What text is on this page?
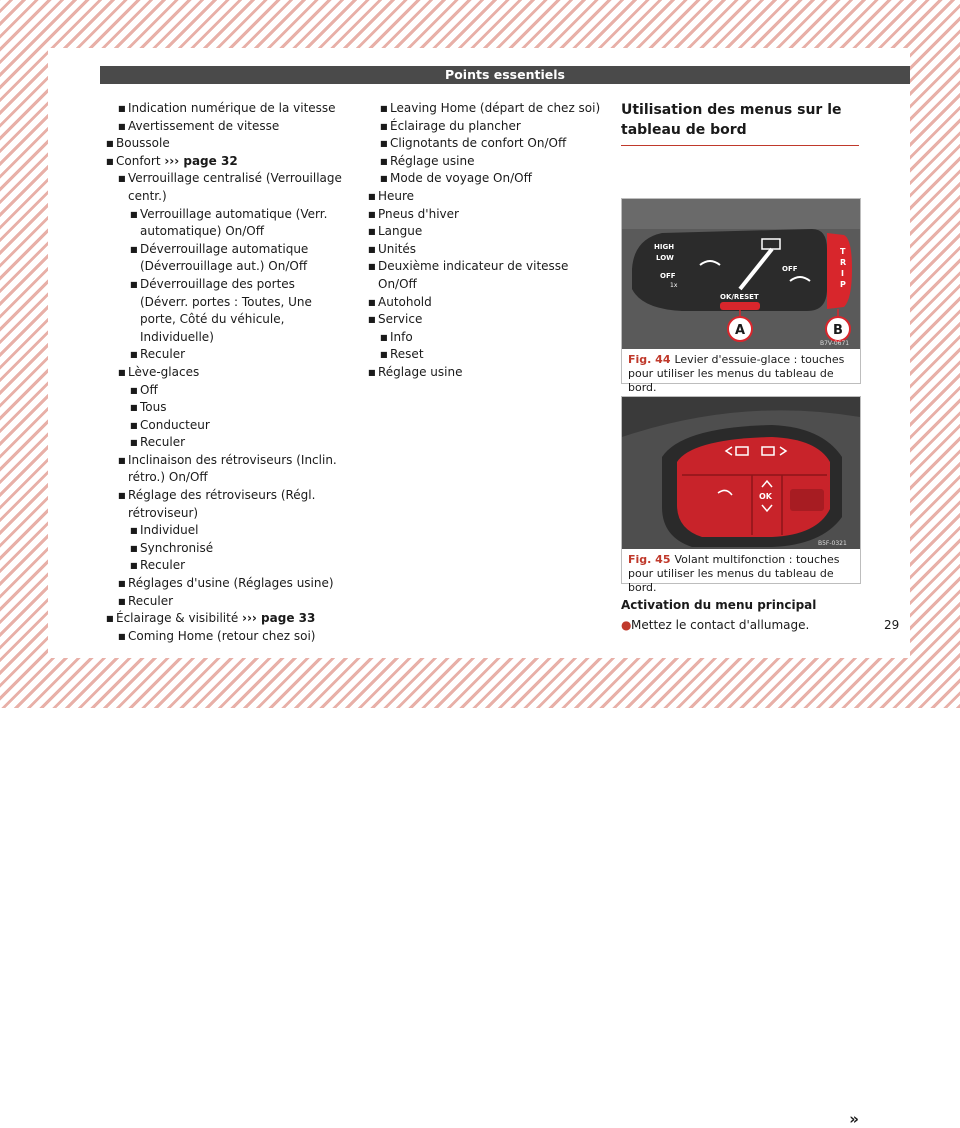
Points essentiels
■ Indication numérique de la vitesse
■ Avertissement de vitesse
■ Boussole
■ Confort ››› page 32
■ Verrouillage centralisé (Verrouillage centr.)
■ Verrouillage automatique (Verr. automatique) On/Off
■ Déverrouillage automatique (Déverrouillage aut.) On/Off
■ Déverrouillage des portes (Déverr. portes : Toutes, Une porte, Côté du véhicule, Individuelle)
■ Reculer
■ Lève-glaces
■ Off
■ Tous
■ Conducteur
■ Reculer
■ Inclinaison des rétroviseurs (Inclin. rétro.) On/Off
■ Réglage des rétroviseurs (Régl. rétroviseur)
■ Individuel
■ Synchronisé
■ Reculer
■ Réglages d'usine (Réglages usine)
■ Reculer
■ Éclairage & visibilité ››› page 33
■ Coming Home (retour chez soi)
■ Leaving Home (départ de chez soi)
■ Éclairage du plancher
■ Clignotants de confort On/Off
■ Réglage usine
■ Mode de voyage On/Off
■ Heure
■ Pneus d'hiver
■ Langue
■ Unités
■ Deuxième indicateur de vitesse On/Off
■ Autohold
■ Service
■ Info
■ Reset
■ Réglage usine
Utilisation des menus sur le tableau de bord
T
R
I
P
HIGH
LOW
OFF
1x
OFF
OK/RESET
A	B
B7V-0671
Fig. 44 Levier d'essuie-glace : touches pour utiliser les menus du tableau de bord.
OK
B5F-0321
Fig. 45 Volant multifonction : touches pour utiliser les menus du tableau de bord.
Activation du menu principal
● Mettez le contact d'allumage.
»
29
